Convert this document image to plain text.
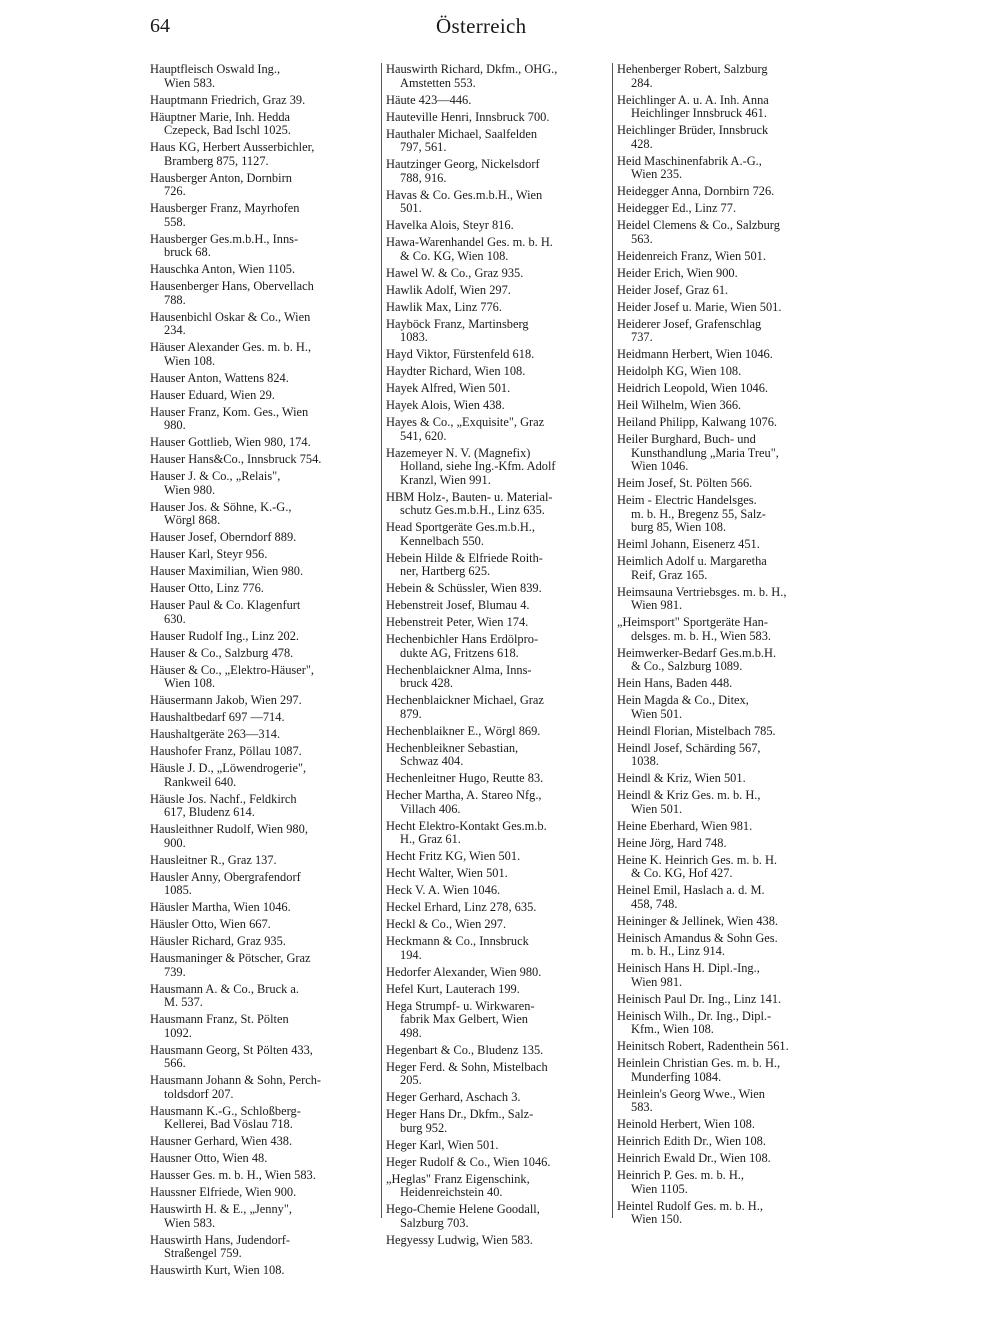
64	Österreich
Hauptfleisch Oswald Ing.,
Wien 583.
Hauptmann Friedrich, Graz 39.
Häuptner Marie, Inh. Hedda
Czepeck, Bad Ischl 1025.
Haus KG, Herbert Ausserbichler,
Bramberg 875, 1127.
Hausberger Anton, Dornbirn
726.
Hausberger Franz, Mayrhofen
558.
Hausberger Ges.m.b.H., Inns-
bruck 68.
Hauschka Anton, Wien 1105.
Hausenberger Hans, Obervellach
788.
Hausenbichl Oskar & Co., Wien
234.
Häuser Alexander Ges. m. b. H.,
Wien 108.
Hauser Anton, Wattens 824.
Hauser Eduard, Wien 29.
Hauser Franz, Kom. Ges., Wien
980.
Hauser Gottlieb, Wien 980, 174.
Hauser Hans&Co., Innsbruck 754.
Hauser J. & Co., „Relais",
Wien 980.
Hauser Jos. & Söhne, K.-G.,
Wörgl 868.
Hauser Josef, Oberndorf 889.
Hauser Karl, Steyr 956.
Hauser Maximilian, Wien 980.
Hauser Otto, Linz 776.
Hauser Paul & Co. Klagenfurt
630.
Hauser Rudolf Ing., Linz 202.
Hauser & Co., Salzburg 478.
Häuser & Co., „Elektro-Häuser",
Wien 108.
Häusermann Jakob, Wien 297.
Haushaltbedarf 697 —714.
Haushaltgeräte 263—314.
Haushofer Franz, Pöllau 1087.
Häusle J. D., „Löwendrogerie",
Rankweil 640.
Häusle Jos. Nachf., Feldkirch
617, Bludenz 614.
Hausleithner Rudolf, Wien 980,
900.
Hausleitner R., Graz 137.
Hausler Anny, Obergrafendorf
1085.
Häusler Martha, Wien 1046.
Häusler Otto, Wien 667.
Häusler Richard, Graz 935.
Hausmaninger & Pötscher, Graz
739.
Hausmann A. & Co., Bruck a.
M. 537.
Hausmann Franz, St. Pölten
1092.
Hausmann Georg, St Pölten 433,
566.
Hausmann Johann & Sohn, Perch-
toldsdorf 207.
Hausmann K.-G., Schloßberg-
Kellerei, Bad Vöslau 718.
Hausner Gerhard, Wien 438.
Hausner Otto, Wien 48.
Hausser Ges. m. b. H., Wien 583.
Haussner Elfriede, Wien 900.
Hauswirth H. & E., „Jenny",
Wien 583.
Hauswirth Hans, Judendorf-
Straßengel 759.
Hauswirth Kurt, Wien 108.
Hauswirth Richard, Dkfm., OHG.,
Amstetten 553.
Häute 423—446.
Hauteville Henri, Innsbruck 700.
Hauthaler Michael, Saalfelden
797, 561.
Hautzinger Georg, Nickelsdorf
788, 916.
Havas & Co. Ges.m.b.H., Wien
501.
Havelka Alois, Steyr 816.
Hawa-Warenhandel Ges. m. b. H.
& Co. KG, Wien 108.
Hawel W. & Co., Graz 935.
Hawlik Adolf, Wien 297.
Hawlik Max, Linz 776.
Hayböck Franz, Martinsberg
1083.
Hayd Viktor, Fürstenfeld 618.
Haydter Richard, Wien 108.
Hayek Alfred, Wien 501.
Hayek Alois, Wien 438.
Hayes & Co., „Exquisite", Graz
541, 620.
Hazemeyer N. V. (Magnefix)
Holland, siehe Ing.-Kfm. Adolf
Kranzl, Wien 991.
HBM Holz-, Bauten- u. Material-
schutz Ges.m.b.H., Linz 635.
Head Sportgeräte Ges.m.b.H.,
Kennelbach 550.
Hebein Hilde & Elfriede Roith-
ner, Hartberg 625.
Hebein & Schüssler, Wien 839.
Hebenstreit Josef, Blumau 4.
Hebenstreit Peter, Wien 174.
Hechenbichler Hans Erdölpro-
dukte AG, Fritzens 618.
Hechenblaickner Alma, Inns-
bruck 428.
Hechenblaickner Michael, Graz
879.
Hechenblaikner E., Wörgl 869.
Hechenbleikner Sebastian,
Schwaz 404.
Hechenleitner Hugo, Reutte 83.
Hecher Martha, A. Stareo Nfg.,
Villach 406.
Hecht Elektro-Kontakt Ges.m.b.
H., Graz 61.
Hecht Fritz KG, Wien 501.
Hecht Walter, Wien 501.
Heck V. A. Wien 1046.
Heckel Erhard, Linz 278, 635.
Heckl & Co., Wien 297.
Heckmann & Co., Innsbruck
194.
Hedorfer Alexander, Wien 980.
Hefel Kurt, Lauterach 199.
Hega Strumpf- u. Wirkwaren-
fabrik Max Gelbert, Wien
498.
Hegenbart & Co., Bludenz 135.
Heger Ferd. & Sohn, Mistelbach
205.
Heger Gerhard, Aschach 3.
Heger Hans Dr., Dkfm., Salz-
burg 952.
Heger Karl, Wien 501.
Heger Rudolf & Co., Wien 1046.
„Heglas" Franz Eigenschink,
Heidenreichstein 40.
Hego-Chemie Helene Goodall,
Salzburg 703.
Hegyessy Ludwig, Wien 583.
Hehenberger Robert, Salzburg
284.
Heichlinger A. u. A. Inh. Anna
Heichlinger Innsbruck 461.
Heichlinger Brüder, Innsbruck
428.
Heid Maschinenfabrik A.-G.,
Wien 235.
Heidegger Anna, Dornbirn 726.
Heidegger Ed., Linz 77.
Heidel Clemens & Co., Salzburg
563.
Heidenreich Franz, Wien 501.
Heider Erich, Wien 900.
Heider Josef, Graz 61.
Heider Josef u. Marie, Wien 501.
Heiderer Josef, Grafenschlag
737.
Heidmann Herbert, Wien 1046.
Heidolph KG, Wien 108.
Heidrich Leopold, Wien 1046.
Heil Wilhelm, Wien 366.
Heiland Philipp, Kalwang 1076.
Heiler Burghard, Buch- und
Kunsthandlung „Maria Treu",
Wien 1046.
Heim Josef, St. Pölten 566.
Heim - Electric Handelsges.
m. b. H., Bregenz 55, Salz-
burg 85, Wien 108.
Heiml Johann, Eisenerz 451.
Heimlich Adolf u. Margaretha
Reif, Graz 165.
Heimsauna Vertriebsges. m. b. H.,
Wien 981.
„Heimsport" Sportgeräte Han-
delsges. m. b. H., Wien 583.
Heimwerker-Bedarf Ges.m.b.H.
& Co., Salzburg 1089.
Hein Hans, Baden 448.
Hein Magda & Co., Ditex,
Wien 501.
Heindl Florian, Mistelbach 785.
Heindl Josef, Schärding 567,
1038.
Heindl & Kriz, Wien 501.
Heindl & Kriz Ges. m. b. H.,
Wien 501.
Heine Eberhard, Wien 981.
Heine Jörg, Hard 748.
Heine K. Heinrich Ges. m. b. H.
& Co. KG, Hof 427.
Heinel Emil, Haslach a. d. M.
458, 748.
Heininger & Jellinek, Wien 438.
Heinisch Amandus & Sohn Ges.
m. b. H., Linz 914.
Heinisch Hans H. Dipl.-Ing.,
Wien 981.
Heinisch Paul Dr. Ing., Linz 141.
Heinisch Wilh., Dr. Ing., Dipl.-
Kfm., Wien 108.
Heinitsch Robert, Radenthein 561.
Heinlein Christian Ges. m. b. H.,
Munderfing 1084.
Heinlein's Georg Wwe., Wien
583.
Heinold Herbert, Wien 108.
Heinrich Edith Dr., Wien 108.
Heinrich Ewald Dr., Wien 108.
Heinrich P. Ges. m. b. H.,
Wien 1105.
Heintel Rudolf Ges. m. b. H.,
Wien 150.
